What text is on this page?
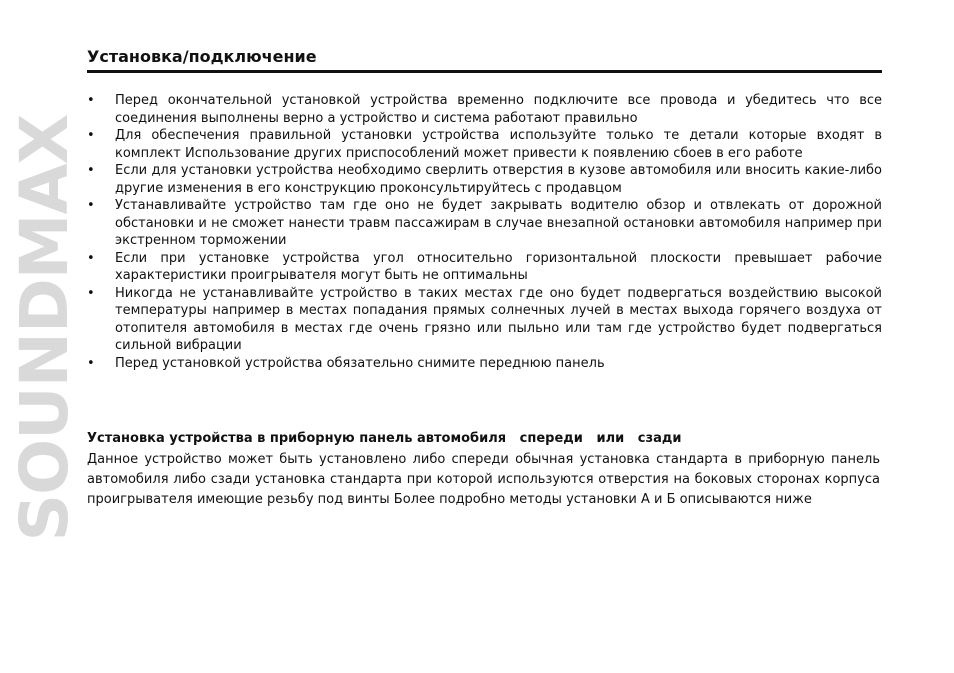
SOUNDMAX
Установка/подключение
• Перед окончательной установкой устройства временно подключите все провода и убедитесь что все соединения выполнены верно а устройство и система работают правильно
• Для обеспечения правильной установки устройства используйте только те детали которые входят в комплект Использование других приспособлений может привести к появлению сбоев в его работе
• Если для установки устройства необходимо сверлить отверстия в кузове автомобиля или вносить какие-либо другие изменения в его конструкцию проконсультируйтесь с продавцом
• Устанавливайте устройство там где оно не будет закрывать водителю обзор и отвлекать от дорожной обстановки и не сможет нанести травм пассажирам в случае внезапной остановки автомобиля например при экстренном торможении
• Если при установке устройства угол относительно горизонтальной плоскости превышает рабочие характеристики проигрывателя могут быть не оптимальны
• Никогда не устанавливайте устройство в таких местах где оно будет подвергаться воздействию высокой температуры например в местах попадания прямых солнечных лучей в местах выхода горячего воздуха от отопителя автомобиля в местах где очень грязно или пыльно или там где устройство будет подвергаться сильной вибрации
• Перед установкой устройства обязательно снимите переднюю панель
Установка устройства в приборную панель автомобиля   спереди   или   сзади

Данное устройство может быть установлено либо спереди обычная установка стандарта в приборную панель автомобиля либо сзади установка стандарта при которой используются отверстия на боковых сторонах корпуса проигрывателя имеющие резьбу под винты Более подробно методы установки А и Б описываются ниже
